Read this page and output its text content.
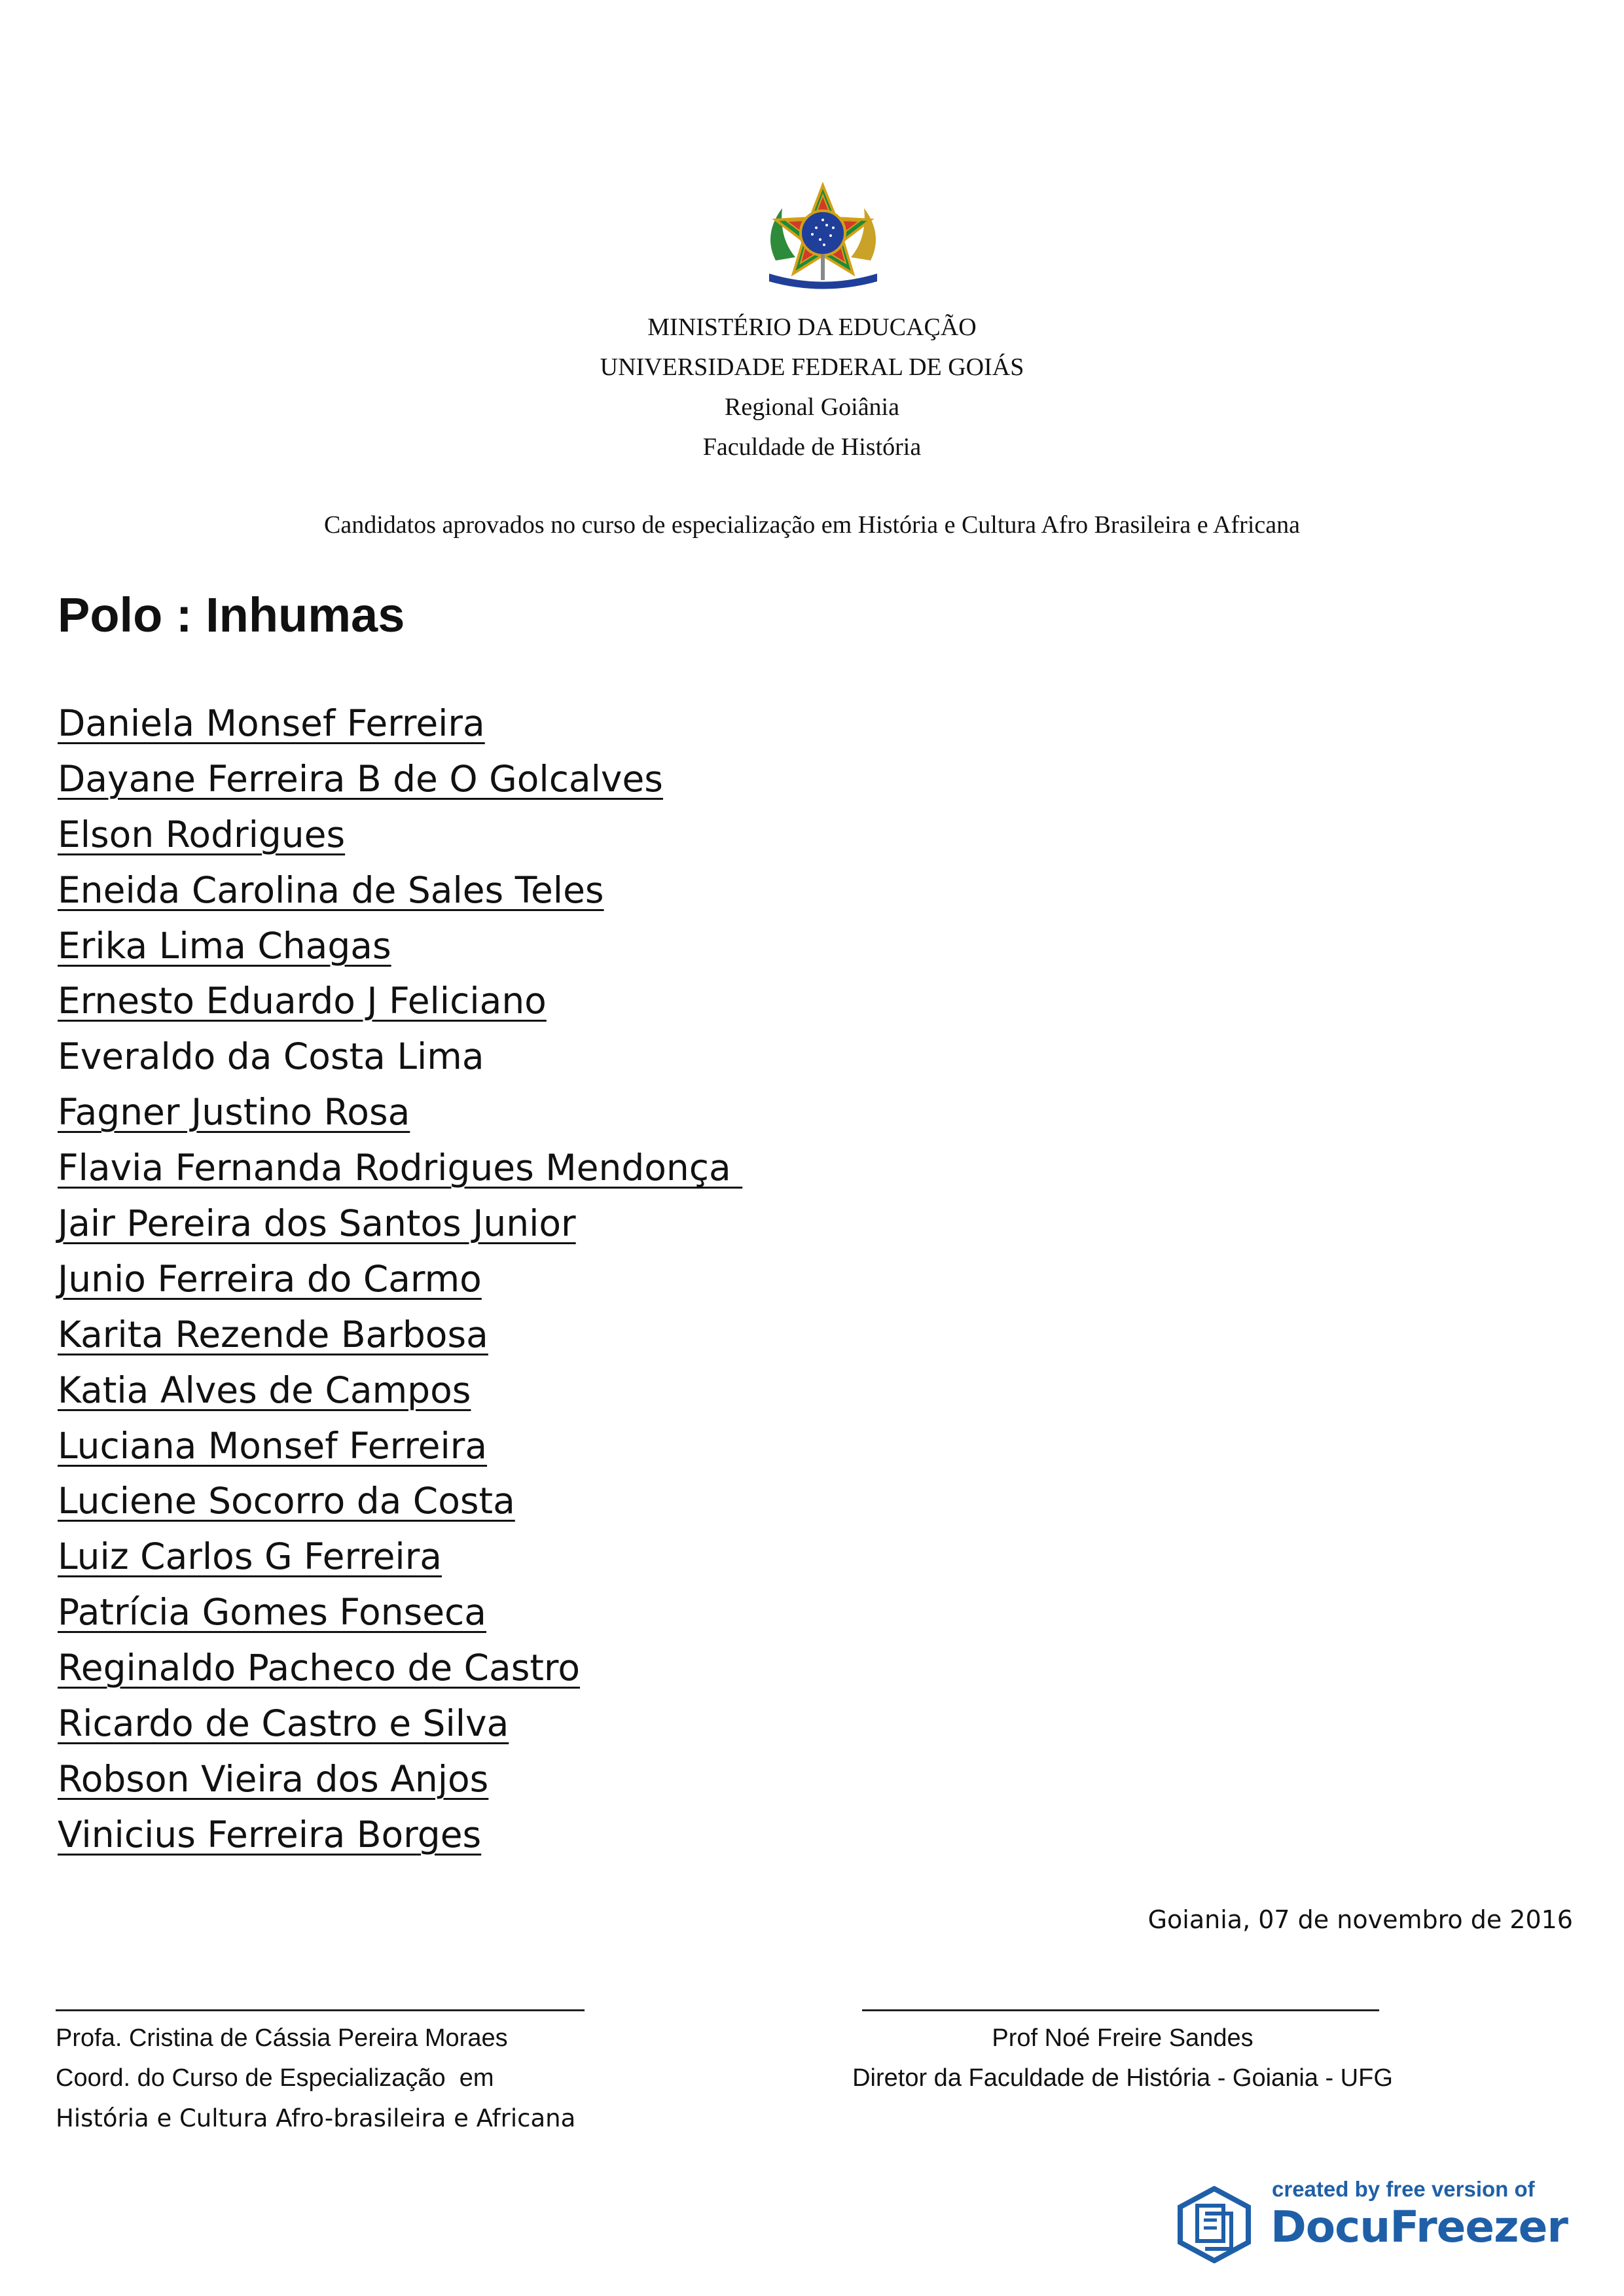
MINISTÉRIO DA EDUCAÇÃO
UNIVERSIDADE FEDERAL DE GOIÁS
Regional Goiânia
Faculdade de História
Candidatos aprovados no curso de especialização em História e Cultura Afro Brasileira e Africana
Polo : Inhumas
Daniela Monsef Ferreira
Dayane Ferreira B de O Golcalves
Elson Rodrigues
Eneida Carolina de Sales Teles
Erika Lima Chagas
Ernesto Eduardo J Feliciano
Everaldo da Costa Lima
Fagner Justino Rosa
Flavia Fernanda Rodrigues Mendonça
Jair Pereira dos Santos Junior
Junio Ferreira do Carmo
Karita Rezende Barbosa
Katia Alves de Campos
Luciana Monsef Ferreira
Luciene Socorro da Costa
Luiz Carlos G Ferreira
Patrícia Gomes Fonseca
Reginaldo Pacheco de Castro
Ricardo de Castro e Silva
Robson Vieira dos Anjos
Vinicius Ferreira Borges
Goiania, 07 de novembro de 2016
Profa. Cristina de Cássia Pereira Moraes
Coord. do Curso de Especialização  em
História e Cultura Afro-brasileira e Africana
Prof Noé Freire Sandes
Diretor da Faculdade de História - Goiania - UFG
created by free version of
DocuFreezer
